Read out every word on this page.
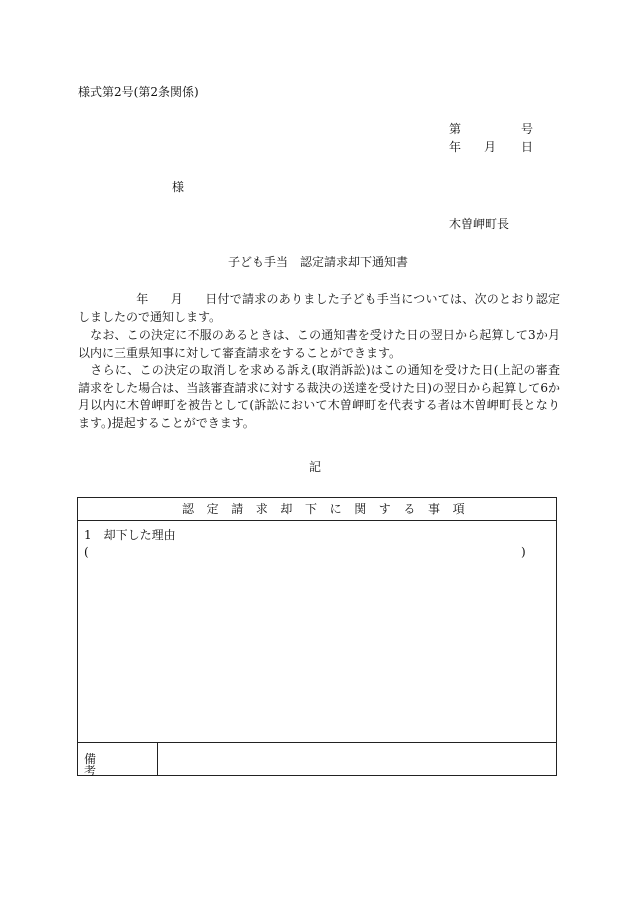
様式第2号(第2条関係)
第	号
年 月 日
様
木曽岬町長
子ども手当　認定請求却下通知書
年 月 日付で請求のありました子ども手当については、次のとおり認定しましたので通知します。
　なお、この決定に不服のあるときは、この通知書を受けた日の翌日から起算して3か月以内に三重県知事に対して審査請求をすることができます。
　さらに、この決定の取消しを求める訴え(取消訴訟)はこの通知を受けた日(上記の審査請求をした場合は、当該審査請求に対する裁決の送達を受けた日)の翌日から起算して6か月以内に木曽岬町を被告として(訴訟において木曽岬町を代表する者は木曽岬町長となります。)提起することができます。
記
認定請求却下に関する事項
1　却下した理由
(	)
備考
